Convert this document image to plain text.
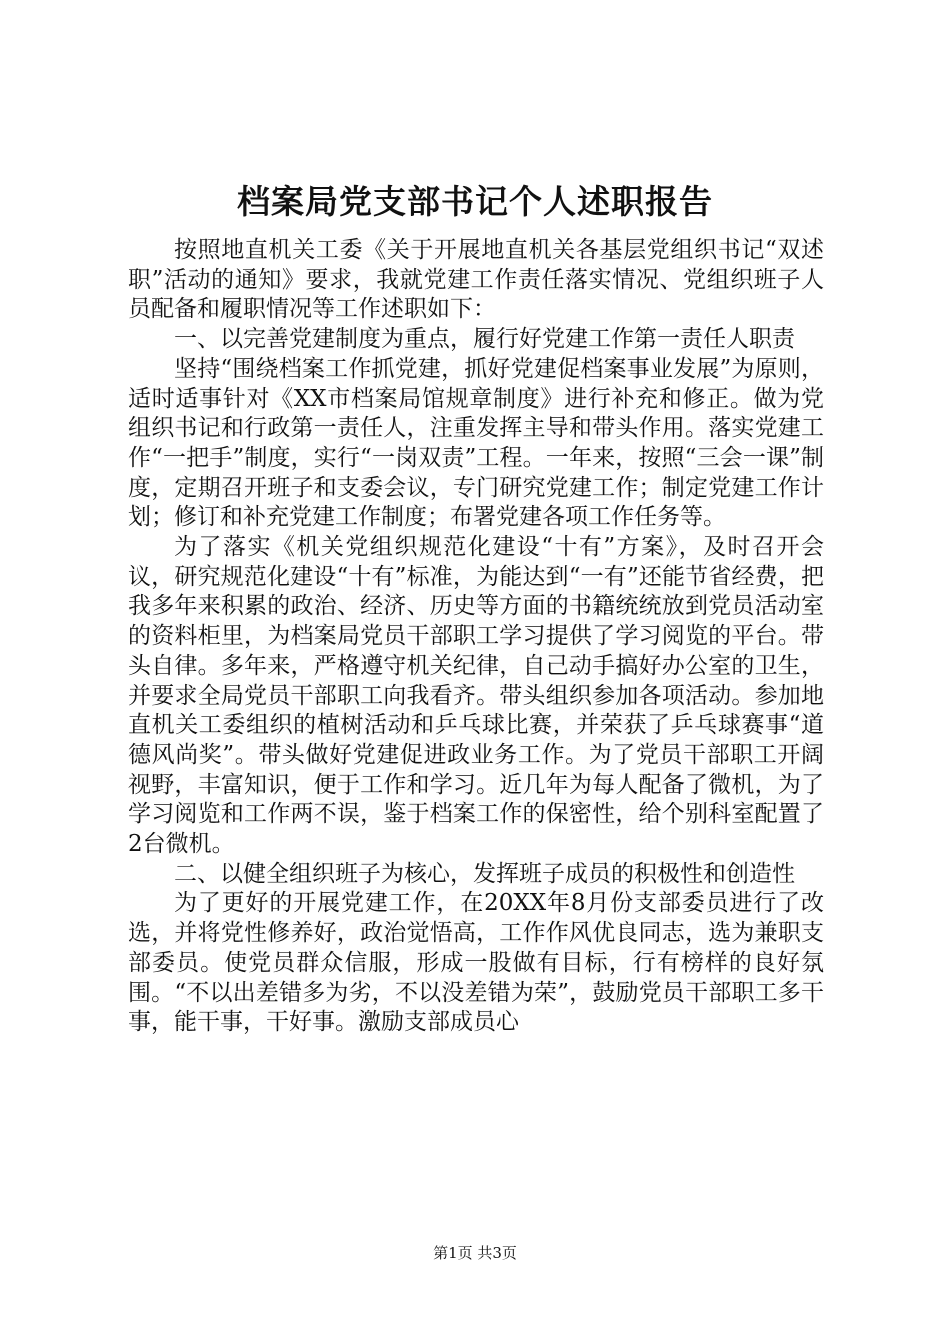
档案局党支部书记个人述职报告

按照地直机关工委《关于开展地直机关各基层党组织书记“双述职”活动的通知》要求，我就党建工作责任落实情况、党组织班子人员配备和履职情况等工作述职如下：

一、以完善党建制度为重点，履行好党建工作第一责任人职责

坚持“围绕档案工作抓党建，抓好党建促档案事业发展”为原则，适时适事针对《XX市档案局馆规章制度》进行补充和修正。做为党组织书记和行政第一责任人，注重发挥主导和带头作用。落实党建工作“一把手”制度，实行“一岗双责”工程。一年来，按照“三会一课”制度，定期召开班子和支委会议，专门研究党建工作；制定党建工作计划；修订和补充党建工作制度；布署党建各项工作任务等。

为了落实《机关党组织规范化建设“十有”方案》，及时召开会议，研究规范化建设“十有”标准，为能达到“一有”还能节省经费，把我多年来积累的政治、经济、历史等方面的书籍统统放到党员活动室的资料柜里，为档案局党员干部职工学习提供了学习阅览的平台。带头自律。多年来，严格遵守机关纪律，自己动手搞好办公室的卫生，并要求全局党员干部职工向我看齐。带头组织参加各项活动。参加地直机关工委组织的植树活动和乒乓球比赛，并荣获了乒乓球赛事“道德风尚奖”。带头做好党建促进政业务工作。为了党员干部职工开阔视野，丰富知识，便于工作和学习。近几年为每人配备了微机，为了学习阅览和工作两不误，鉴于档案工作的保密性，给个别科室配置了2台微机。

二、以健全组织班子为核心，发挥班子成员的积极性和创造性

为了更好的开展党建工作，在20XX年8月份支部委员进行了改选，并将党性修养好，政治觉悟高，工作作风优良同志，选为兼职支部委员。使党员群众信服，形成一股做有目标，行有榜样的良好氛围。“不以出差错多为劣，不以没差错为荣”，鼓励党员干部职工多干事，能干事，干好事。激励支部成员心

第1页 共3页
